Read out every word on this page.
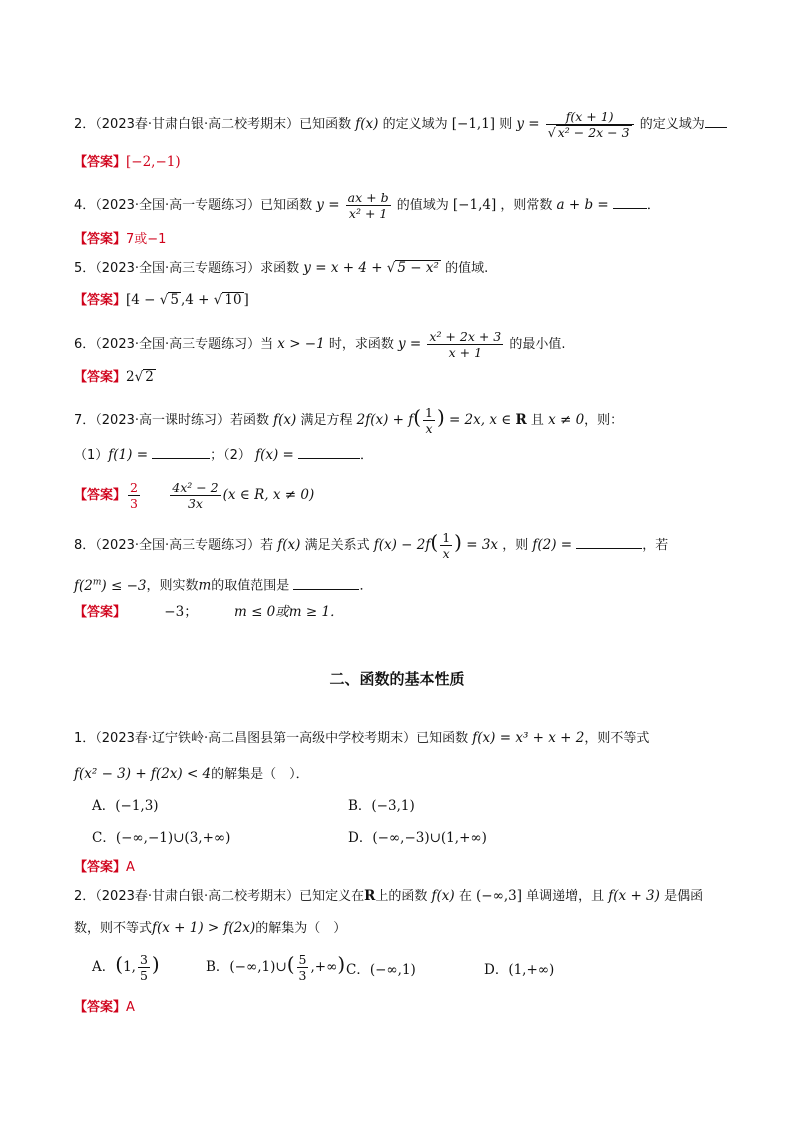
2．（2023春·甘肃白银·高二校考期末）已知函数 f(x) 的定义域为 [−1,1] 则 $y = \frac{f(x + 1)}{\text{√ x² − 2x − 3}}$ 的定义域为
【答案】[−2,−1)
4．（2023·全国·高一专题练习）已知函数 $y = \frac{ax + b}{\text{x² + 1}}$ 的值域为 [−1,4] ，则常数 a + b =	．
【答案】7或−1
5．（2023·全国·高三专题练习）求函数 y = x + 4 + √ 5 − x² 的值域.
【答案】[4 − √ 5 ,4 + √ 10 ]
6．（2023·全国·高三专题练习）当 x > −1 时，求函数 $y = \frac{\text{x² + 2x + 3}}{x + 1}$ 的最小值.
【答案】2√ 2
7．（2023·高一课时练习）若函数 f(x) 满足方程 $2f(x) + f( \frac{1}{x}$ ) = 2x, x ∈ R 且 x ≠ 0，则：
（1）f(1) =	；（2） f(x) =	．
【答案】 $\frac{2}{3}$
$\frac{\text{4x² − 2}}{3x} (x$ ∈ R, x ≠ 0)
8．（2023·全国·高三专题练习）若 f(x) 满足关系式 $f(x) - 2f( \frac{1}{x}$ ) = 3x ，则 f(2) =	，若
$f(2^m) \le -3$，则实数m的取值范围是	．
【答案】	−3；	m ≤ 0或m ≥ 1．
二、函数的基本性质
1．（2023春·辽宁铁岭·高二昌图县第一高级中学校考期末）已知函数 f(x) = x³ + x + 2，则不等式
f(x² − 3) + f(2x) < 4的解集是（　）．
A．(−1,3)	B．(−3,1)
C．(−∞,−1)∪(3,+∞)	D．(−∞,−3)∪(1,+∞)
【答案】A
2．（2023春·甘肃白银·高二校考期末）已知定义在R上的函数 f(x) 在 (−∞,3] 单调递增，且 f(x + 3) 是偶函
数，则不等式f(x + 1) > f(2x)的解集为（　）
A．(1, $\frac{3}{5}$ )	B．(−∞,1)∪( $\frac{5}{3}$ ,+∞) C．(−∞,1)	D．(1,+∞)
【答案】A
